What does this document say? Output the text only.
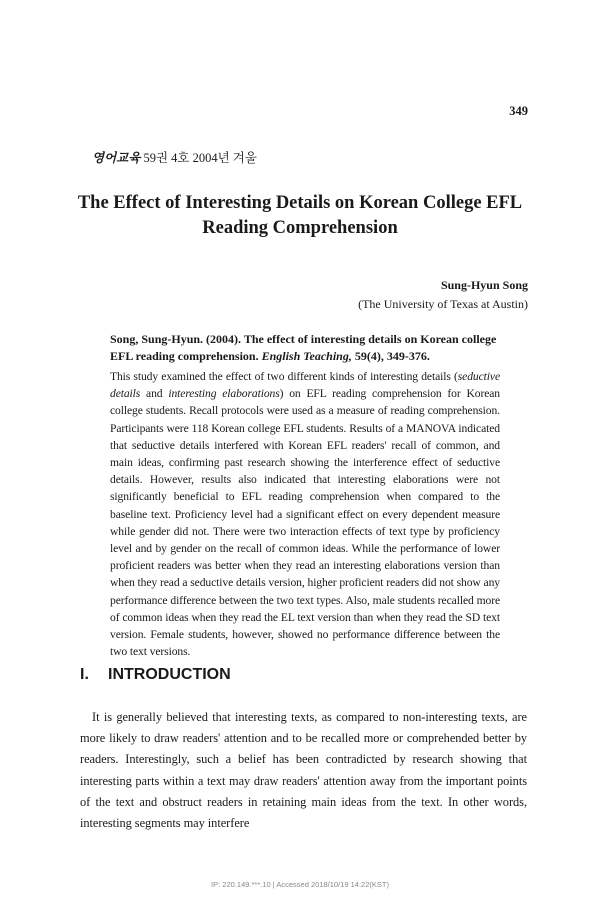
349
영어교육 59권 4호 2004년 겨울
The Effect of Interesting Details on Korean College EFL
Reading Comprehension
Sung-Hyun Song
(The University of Texas at Austin)
Song, Sung-Hyun. (2004). The effect of interesting details on Korean college EFL reading comprehension. English Teaching, 59(4), 349-376.
This study examined the effect of two different kinds of interesting details (seductive details and interesting elaborations) on EFL reading comprehension for Korean college students. Recall protocols were used as a measure of reading comprehension. Participants were 118 Korean college EFL students. Results of a MANOVA indicated that seductive details interfered with Korean EFL readers' recall of common, and main ideas, confirming past research showing the interference effect of seductive details. However, results also indicated that interesting elaborations were not significantly beneficial to EFL reading comprehension when compared to the baseline text. Proficiency level had a significant effect on every dependent measure while gender did not. There were two interaction effects of text type by proficiency level and by gender on the recall of common ideas. While the performance of lower proficient readers was better when they read an interesting elaborations version than when they read a seductive details version, higher proficient readers did not show any performance difference between the two text types. Also, male students recalled more of common ideas when they read the EL text version than when they read the SD text version. Female students, however, showed no performance difference between the two text versions.
I. INTRODUCTION
It is generally believed that interesting texts, as compared to non-interesting texts, are more likely to draw readers' attention and to be recalled more or comprehended better by readers. Interestingly, such a belief has been contradicted by research showing that interesting parts within a text may draw readers' attention away from the important points of the text and obstruct readers in retaining main ideas from the text. In other words, interesting segments may interfere
IP: 220.149.***.10 | Accessed 2018/10/19 14:22(KST)
